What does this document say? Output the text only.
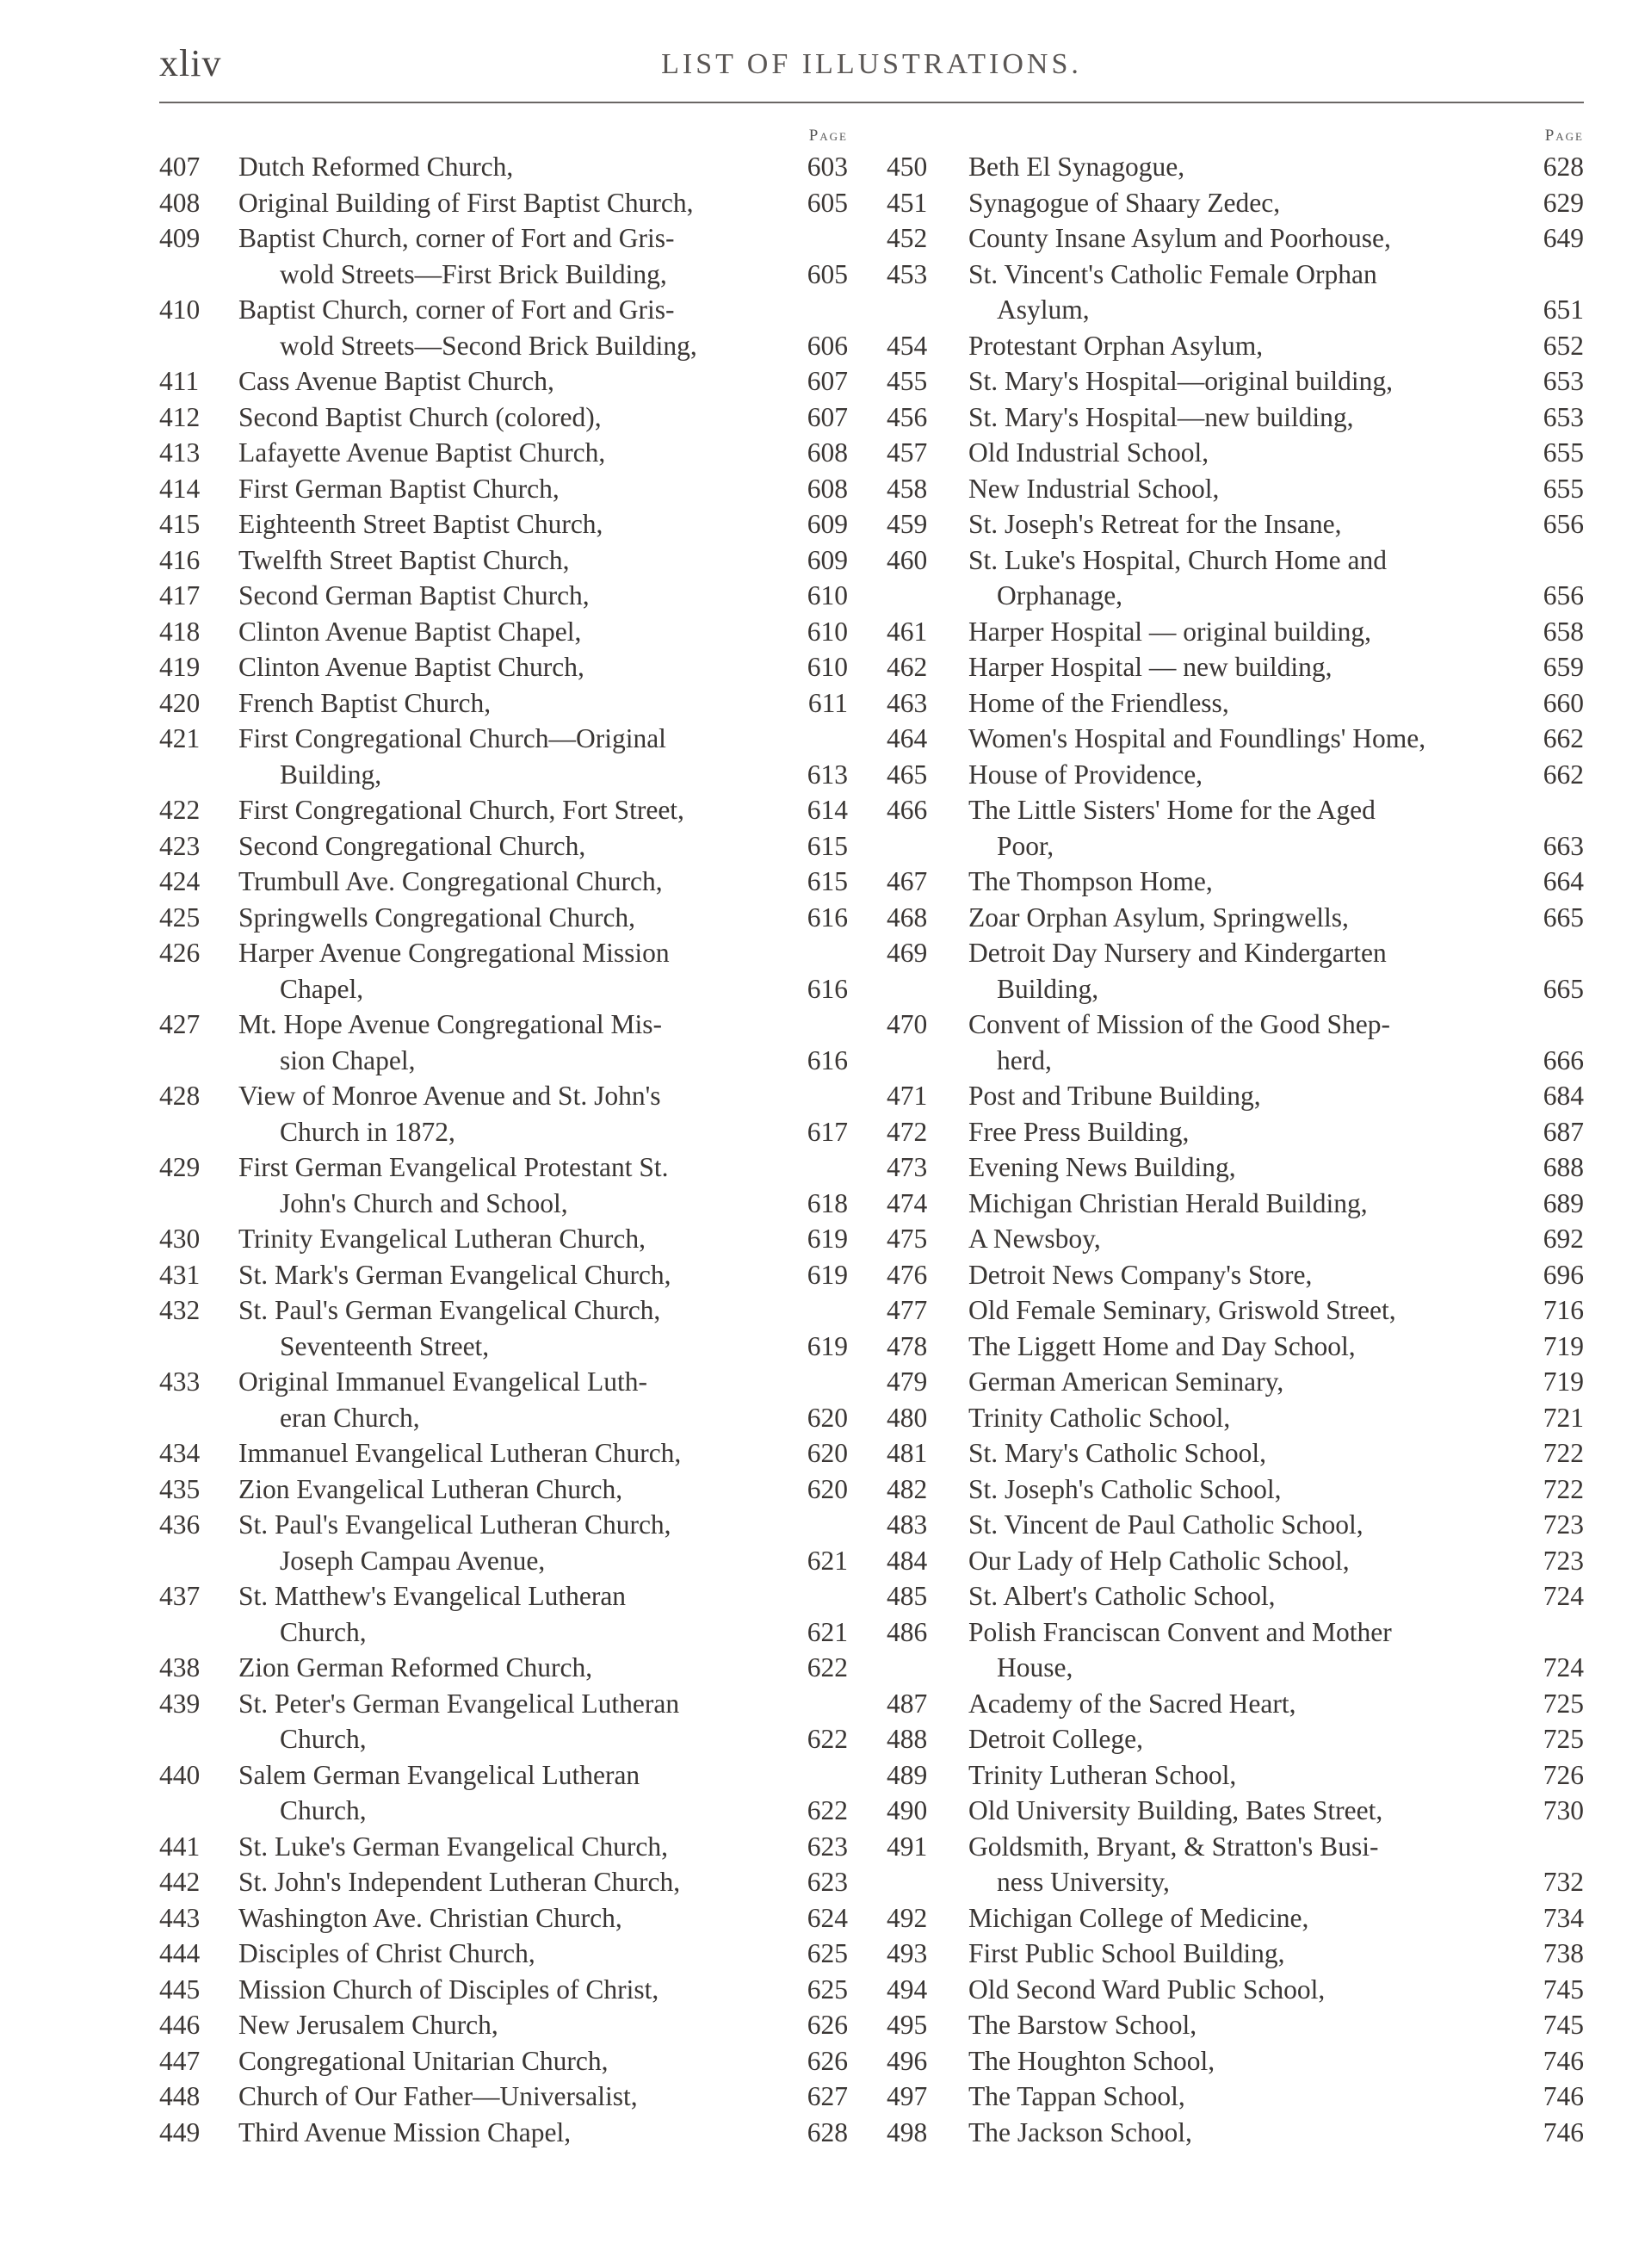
xliv	LIST OF ILLUSTRATIONS.
Page
407 Dutch Reformed Church,	603
408 Original Building of First Baptist Church,	605
409 Baptist Church, corner of Fort and Gris-
wold Streets—First Brick Building,	605
410 Baptist Church, corner of Fort and Gris-
wold Streets—Second Brick Building,	606
411 Cass Avenue Baptist Church,	607
412 Second Baptist Church (colored),	607
413 Lafayette Avenue Baptist Church,	608
414 First German Baptist Church,	608
415 Eighteenth Street Baptist Church,	609
416 Twelfth Street Baptist Church,	609
417 Second German Baptist Church,	610
418 Clinton Avenue Baptist Chapel,	610
419 Clinton Avenue Baptist Church,	610
420 French Baptist Church,	611
421 First Congregational Church—Original
Building,	613
422 First Congregational Church, Fort Street,	614
423 Second Congregational Church,	615
424 Trumbull Ave. Congregational Church,	615
425 Springwells Congregational Church,	616
426 Harper Avenue Congregational Mission
Chapel,	616
427 Mt. Hope Avenue Congregational Mis-
sion Chapel,	616
428 View of Monroe Avenue and St. John's
Church in 1872,	617
429 First German Evangelical Protestant St.
John's Church and School,	618
430 Trinity Evangelical Lutheran Church,	619
431 St. Mark's German Evangelical Church,	619
432 St. Paul's German Evangelical Church,
Seventeenth Street,	619
433 Original Immanuel Evangelical Luth-
eran Church,	620
434 Immanuel Evangelical Lutheran Church,	620
435 Zion Evangelical Lutheran Church,	620
436 St. Paul's Evangelical Lutheran Church,
Joseph Campau Avenue,	621
437 St. Matthew's Evangelical Lutheran
Church,	621
438 Zion German Reformed Church,	622
439 St. Peter's German Evangelical Lutheran
Church,	622
440 Salem German Evangelical Lutheran
Church,	622
441 St. Luke's German Evangelical Church,	623
442 St. John's Independent Lutheran Church,	623
443 Washington Ave. Christian Church,	624
444 Disciples of Christ Church,	625
445 Mission Church of Disciples of Christ,	625
446 New Jerusalem Church,	626
447 Congregational Unitarian Church,	626
448 Church of Our Father—Universalist,	627
449 Third Avenue Mission Chapel,	628
Page
450 Beth El Synagogue,	628
451 Synagogue of Shaary Zedec,	629
452 County Insane Asylum and Poorhouse,	649
453 St. Vincent's Catholic Female Orphan
Asylum,	651
454 Protestant Orphan Asylum,	652
455 St. Mary's Hospital—original building,	653
456 St. Mary's Hospital—new building,	653
457 Old Industrial School,	655
458 New Industrial School,	655
459 St. Joseph's Retreat for the Insane,	656
460 St. Luke's Hospital, Church Home and
Orphanage,	656
461 Harper Hospital — original building,	658
462 Harper Hospital — new building,	659
463 Home of the Friendless,	660
464 Women's Hospital and Foundlings' Home,	662
465 House of Providence,	662
466 The Little Sisters' Home for the Aged
Poor,	663
467 The Thompson Home,	664
468 Zoar Orphan Asylum, Springwells,	665
469 Detroit Day Nursery and Kindergarten
Building,	665
470 Convent of Mission of the Good Shep-
herd,	666
471 Post and Tribune Building,	684
472 Free Press Building,	687
473 Evening News Building,	688
474 Michigan Christian Herald Building,	689
475 A Newsboy,	692
476 Detroit News Company's Store,	696
477 Old Female Seminary, Griswold Street,	716
478 The Liggett Home and Day School,	719
479 German American Seminary,	719
480 Trinity Catholic School,	721
481 St. Mary's Catholic School,	722
482 St. Joseph's Catholic School,	722
483 St. Vincent de Paul Catholic School,	723
484 Our Lady of Help Catholic School,	723
485 St. Albert's Catholic School,	724
486 Polish Franciscan Convent and Mother
House,	724
487 Academy of the Sacred Heart,	725
488 Detroit College,	725
489 Trinity Lutheran School,	726
490 Old University Building, Bates Street,	730
491 Goldsmith, Bryant, & Stratton's Busi-
ness University,	732
492 Michigan College of Medicine,	734
493 First Public School Building,	738
494 Old Second Ward Public School,	745
495 The Barstow School,	745
496 The Houghton School,	746
497 The Tappan School,	746
498 The Jackson School,	746
